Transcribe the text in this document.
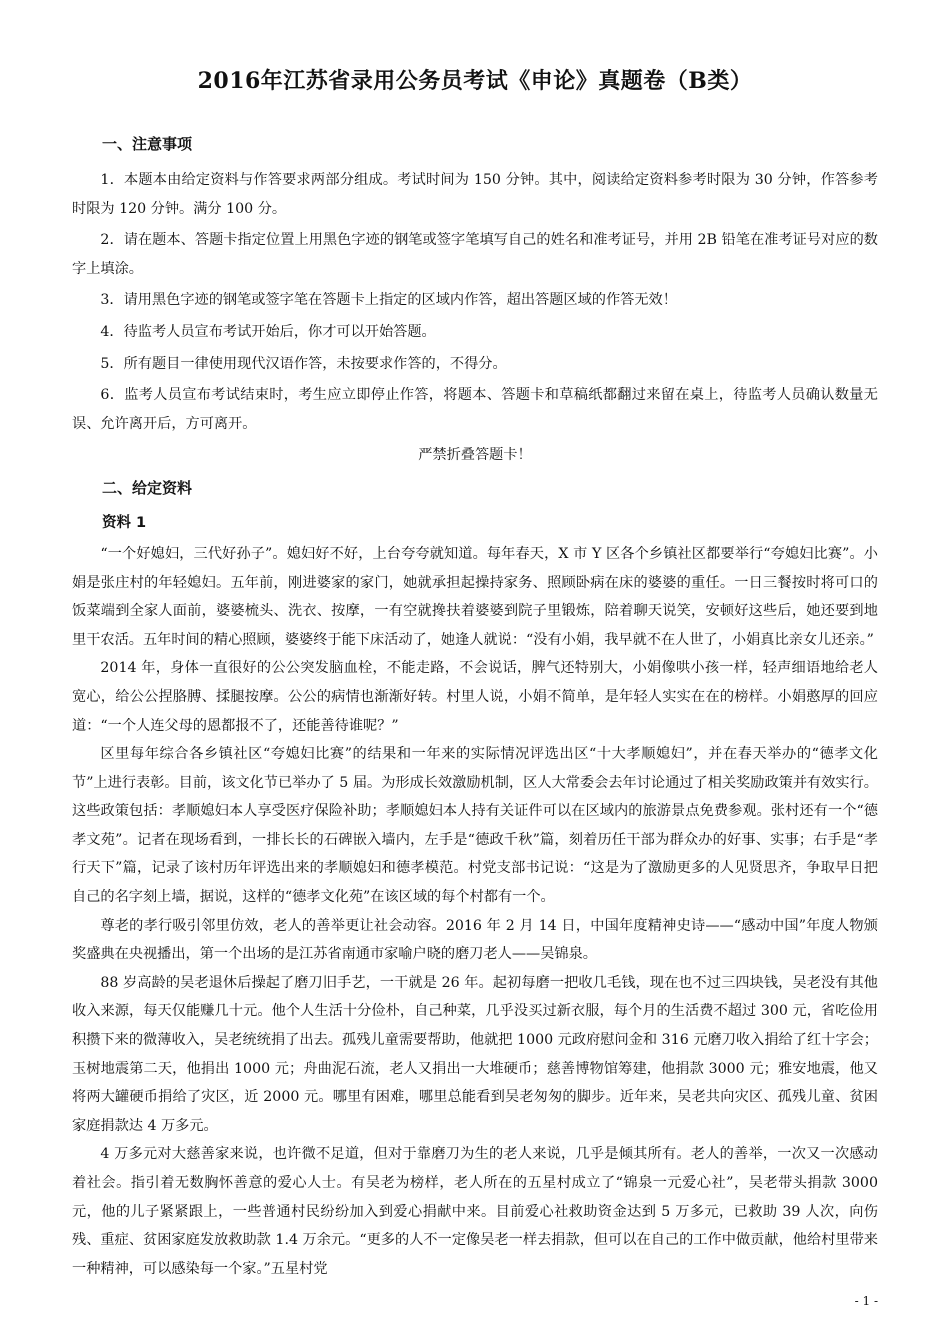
2016年江苏省录用公务员考试《申论》真题卷（B类）
一、注意事项

1．本题本由给定资料与作答要求两部分组成。考试时间为 150 分钟。其中，阅读给定资料参考时限为 30 分钟，作答参考时限为 120 分钟。满分 100 分。

2．请在题本、答题卡指定位置上用黑色字迹的钢笔或签字笔填写自己的姓名和准考证号，并用 2B 铅笔在准考证号对应的数字上填涂。

3．请用黑色字迹的钢笔或签字笔在答题卡上指定的区域内作答，超出答题区域的作答无效！

4．待监考人员宣布考试开始后，你才可以开始答题。

5．所有题目一律使用现代汉语作答，未按要求作答的，不得分。

6．监考人员宣布考试结束时，考生应立即停止作答，将题本、答题卡和草稿纸都翻过来留在桌上，待监考人员确认数量无误、允许离开后，方可离开。

严禁折叠答题卡！
二、给定资料
资料 1

“一个好媳妇，三代好孙子”。媳妇好不好，上台夸夸就知道。每年春天，X 市 Y 区各个乡镇社区都要举行“夸媳妇比赛”。小娟是张庄村的年轻媳妇。五年前，刚进婆家的家门，她就承担起操持家务、照顾卧病在床的婆婆的重任。一日三餐按时将可口的饭菜端到全家人面前，婆婆梳头、洗衣、按摩，一有空就搀扶着婆婆到院子里锻炼，陪着聊天说笑，安顿好这些后，她还要到地里干农活。五年时间的精心照顾，婆婆终于能下床活动了，她逢人就说：“没有小娟，我早就不在人世了，小娟真比亲女儿还亲。”

2014 年，身体一直很好的公公突发脑血栓，不能走路，不会说话，脾气还特别大，小娟像哄小孩一样，轻声细语地给老人宽心，给公公捏胳膊、揉腿按摩。公公的病情也渐渐好转。村里人说，小娟不简单，是年轻人实实在在的榜样。小娟憨厚的回应道：“一个人连父母的恩都报不了，还能善待谁呢？”

区里每年综合各乡镇社区“夸媳妇比赛”的结果和一年来的实际情况评选出区“十大孝顺媳妇”，并在春天举办的“德孝文化节”上进行表彰。目前，该文化节已举办了 5 届。为形成长效激励机制，区人大常委会去年讨论通过了相关奖励政策并有效实行。这些政策包括：孝顺媳妇本人享受医疗保险补助；孝顺媳妇本人持有关证件可以在区域内的旅游景点免费参观。张村还有一个“德孝文苑”。记者在现场看到，一排长长的石碑嵌入墙内，左手是“德政千秋”篇，刻着历任干部为群众办的好事、实事；右手是“孝行天下”篇，记录了该村历年评选出来的孝顺媳妇和德孝模范。村党支部书记说：“这是为了激励更多的人见贤思齐，争取早日把自己的名字刻上墙，据说，这样的“德孝文化苑”在该区域的每个村都有一个。

尊老的孝行吸引邻里仿效，老人的善举更让社会动容。2016 年 2 月 14 日，中国年度精神史诗——“感动中国”年度人物颁奖盛典在央视播出，第一个出场的是江苏省南通市家喻户晓的磨刀老人——吴锦泉。

88 岁高龄的吴老退休后操起了磨刀旧手艺，一干就是 26 年。起初每磨一把收几毛钱，现在也不过三四块钱，吴老没有其他收入来源，每天仅能赚几十元。他个人生活十分俭朴，自己种菜，几乎没买过新衣服，每个月的生活费不超过 300 元，省吃俭用积攒下来的微薄收入，吴老统统捐了出去。孤残儿童需要帮助，他就把 1000 元政府慰问金和 316 元磨刀收入捐给了红十字会；玉树地震第二天，他捐出 1000 元；舟曲泥石流，老人又捐出一大堆硬币；慈善博物馆筹建，他捐款 3000 元；雅安地震，他又将两大罐硬币捐给了灾区，近 2000 元。哪里有困难，哪里总能看到吴老匆匆的脚步。近年来，吴老共向灾区、孤残儿童、贫困家庭捐款达 4 万多元。

4 万多元对大慈善家来说，也许微不足道，但对于靠磨刀为生的老人来说，几乎是倾其所有。老人的善举，一次又一次感动着社会。指引着无数胸怀善意的爱心人士。有吴老为榜样，老人所在的五星村成立了“锦泉一元爱心社”，吴老带头捐款 3000 元，他的儿子紧紧跟上，一些普通村民纷纷加入到爱心捐献中来。目前爱心社救助资金达到 5 万多元，已救助 39 人次，向伤残、重症、贫困家庭发放救助款 1.4 万余元。“更多的人不一定像吴老一样去捐款，但可以在自己的工作中做贡献，他给村里带来一种精神，可以感染每一个家。”五星村党

- 1 -
